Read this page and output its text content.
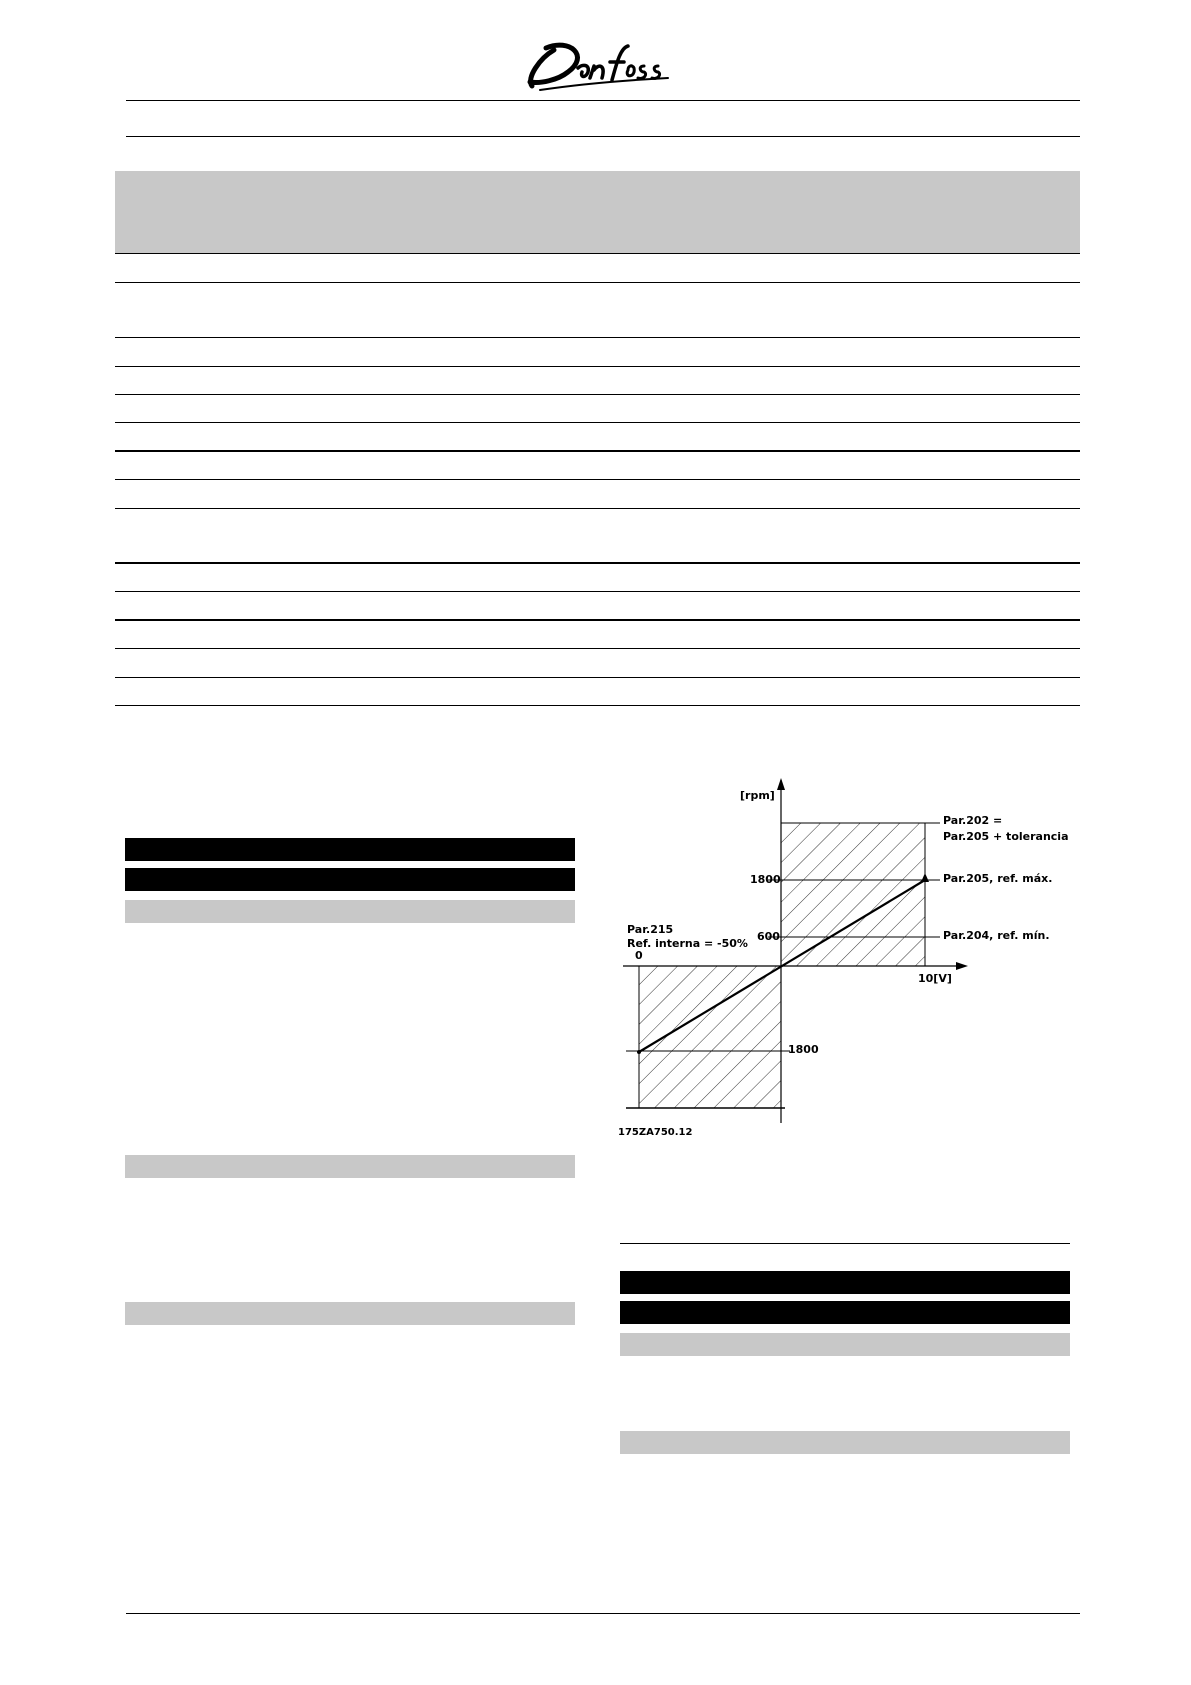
[rpm]
1800
600
1800
10[V]
0
Par.202 =
Par.205 + tolerancia
Par.205, ref. máx.
Par.204, ref. mín.
Par.215
Ref. interna = -50%
175ZA750.12
